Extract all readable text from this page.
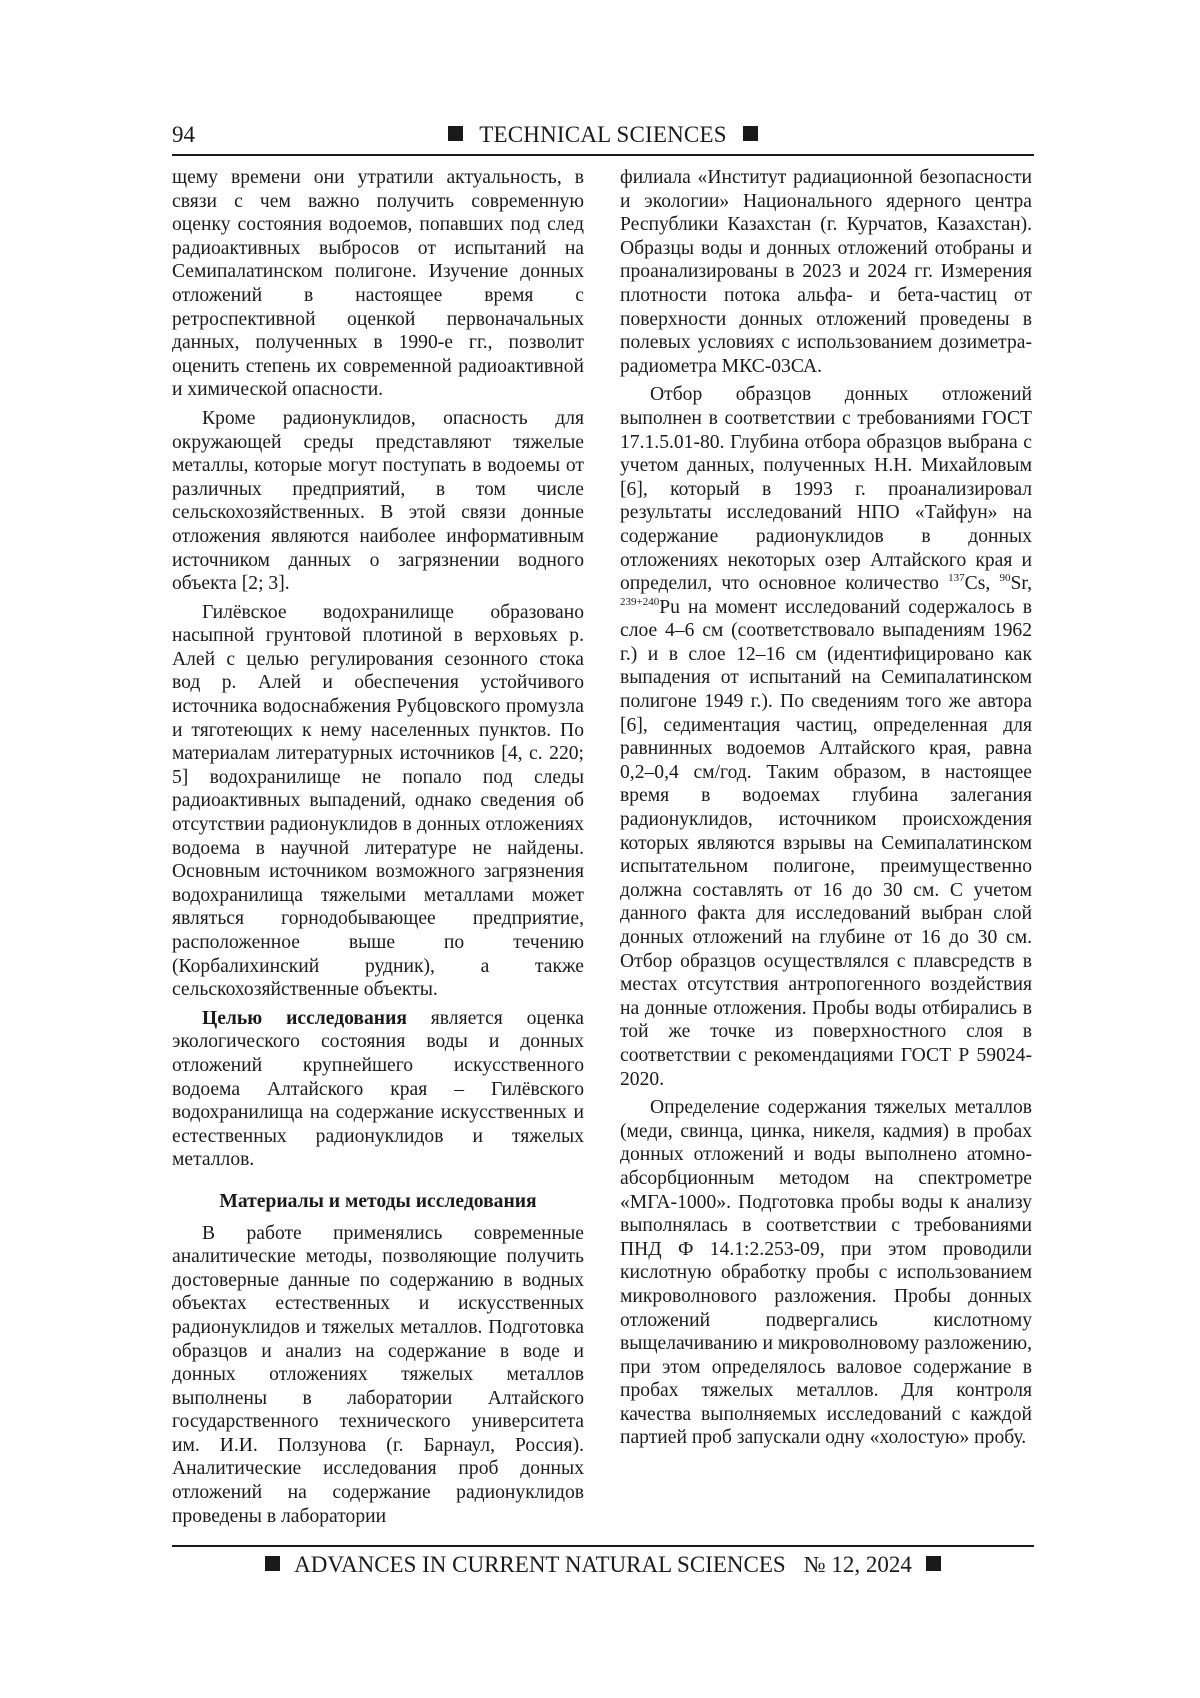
94	TECHNICAL SCIENCES

щему времени они утратили актуальность, в связи с чем важно получить современную оценку состояния водоемов, попавших под след радиоактивных выбросов от испытаний на Семипалатинском полигоне. Изучение донных отложений в настоящее время с ретроспективной оценкой первоначальных данных, полученных в 1990-е гг., позволит оценить степень их современной радиоактивной и химической опасности.

Кроме радионуклидов, опасность для окружающей среды представляют тяжелые металлы, которые могут поступать в водоемы от различных предприятий, в том числе сельскохозяйственных. В этой связи донные отложения являются наиболее информативным источником данных о загрязнении водного объекта [2; 3].

Гилёвское водохранилище образовано насыпной грунтовой плотиной в верховьях р. Алей с целью регулирования сезонного стока вод р. Алей и обеспечения устойчивого источника водоснабжения Рубцовского промузла и тяготеющих к нему населенных пунктов. По материалам литературных источников [4, с. 220; 5] водохранилище не попало под следы радиоактивных выпадений, однако сведения об отсутствии радионуклидов в донных отложениях водоема в научной литературе не найдены. Основным источником возможного загрязнения водохранилища тяжелыми металлами может являться горнодобывающее предприятие, расположенное выше по течению (Корбалихинский рудник), а также сельскохозяйственные объекты.

Целью исследования является оценка экологического состояния воды и донных отложений крупнейшего искусственного водоема Алтайского края – Гилёвского водохранилища на содержание искусственных и естественных радионуклидов и тяжелых металлов.

Материалы и методы исследования

В работе применялись современные аналитические методы, позволяющие получить достоверные данные по содержанию в водных объектах естественных и искусственных радионуклидов и тяжелых металлов. Подготовка образцов и анализ на содержание в воде и донных отложениях тяжелых металлов выполнены в лаборатории Алтайского государственного технического университета им. И.И. Ползунова (г. Барнаул, Россия). Аналитические исследования проб донных отложений на содержание радионуклидов проведены в лаборатории

филиала «Институт радиационной безопасности и экологии» Национального ядерного центра Республики Казахстан (г. Курчатов, Казахстан). Образцы воды и донных отложений отобраны и проанализированы в 2023 и 2024 гг. Измерения плотности потока альфа- и бета-частиц от поверхности донных отложений проведены в полевых условиях с использованием дозиметра-радиометра МКС-03СА.

Отбор образцов донных отложений выполнен в соответствии с требованиями ГОСТ 17.1.5.01-80. Глубина отбора образцов выбрана с учетом данных, полученных Н.Н. Михайловым [6], который в 1993 г. проанализировал результаты исследований НПО «Тайфун» на содержание радионуклидов в донных отложениях некоторых озер Алтайского края и определил, что основное количество $^{137}$Cs, $^{90}$Sr, $^{239+240}$Pu на момент исследований содержалось в слое 4–6 см (соответствовало выпадениям 1962 г.) и в слое 12–16 см (идентифицировано как выпадения от испытаний на Семипалатинском полигоне 1949 г.). По сведениям того же автора [6], седиментация частиц, определенная для равнинных водоемов Алтайского края, равна 0,2–0,4 см/год. Таким образом, в настоящее время в водоемах глубина залегания радионуклидов, источником происхождения которых являются взрывы на Семипалатинском испытательном полигоне, преимущественно должна составлять от 16 до 30 см. С учетом данного факта для исследований выбран слой донных отложений на глубине от 16 до 30 см. Отбор образцов осуществлялся с плавсредств в местах отсутствия антропогенного воздействия на донные отложения. Пробы воды отбирались в той же точке из поверхностного слоя в соответствии с рекомендациями ГОСТ Р 59024-2020.

Определение содержания тяжелых металлов (меди, свинца, цинка, никеля, кадмия) в пробах донных отложений и воды выполнено атомно-абсорбционным методом на спектрометре «МГА-1000». Подготовка пробы воды к анализу выполнялась в соответствии с требованиями ПНД Ф 14.1:2.253-09, при этом проводили кислотную обработку пробы с использованием микроволнового разложения. Пробы донных отложений подвергались кислотному выщелачиванию и микроволновому разложению, при этом определялось валовое содержание в пробах тяжелых металлов. Для контроля качества выполняемых исследований с каждой партией проб запускали одну «холостую» пробу.

ADVANCES IN CURRENT NATURAL SCIENCES № 12, 2024
